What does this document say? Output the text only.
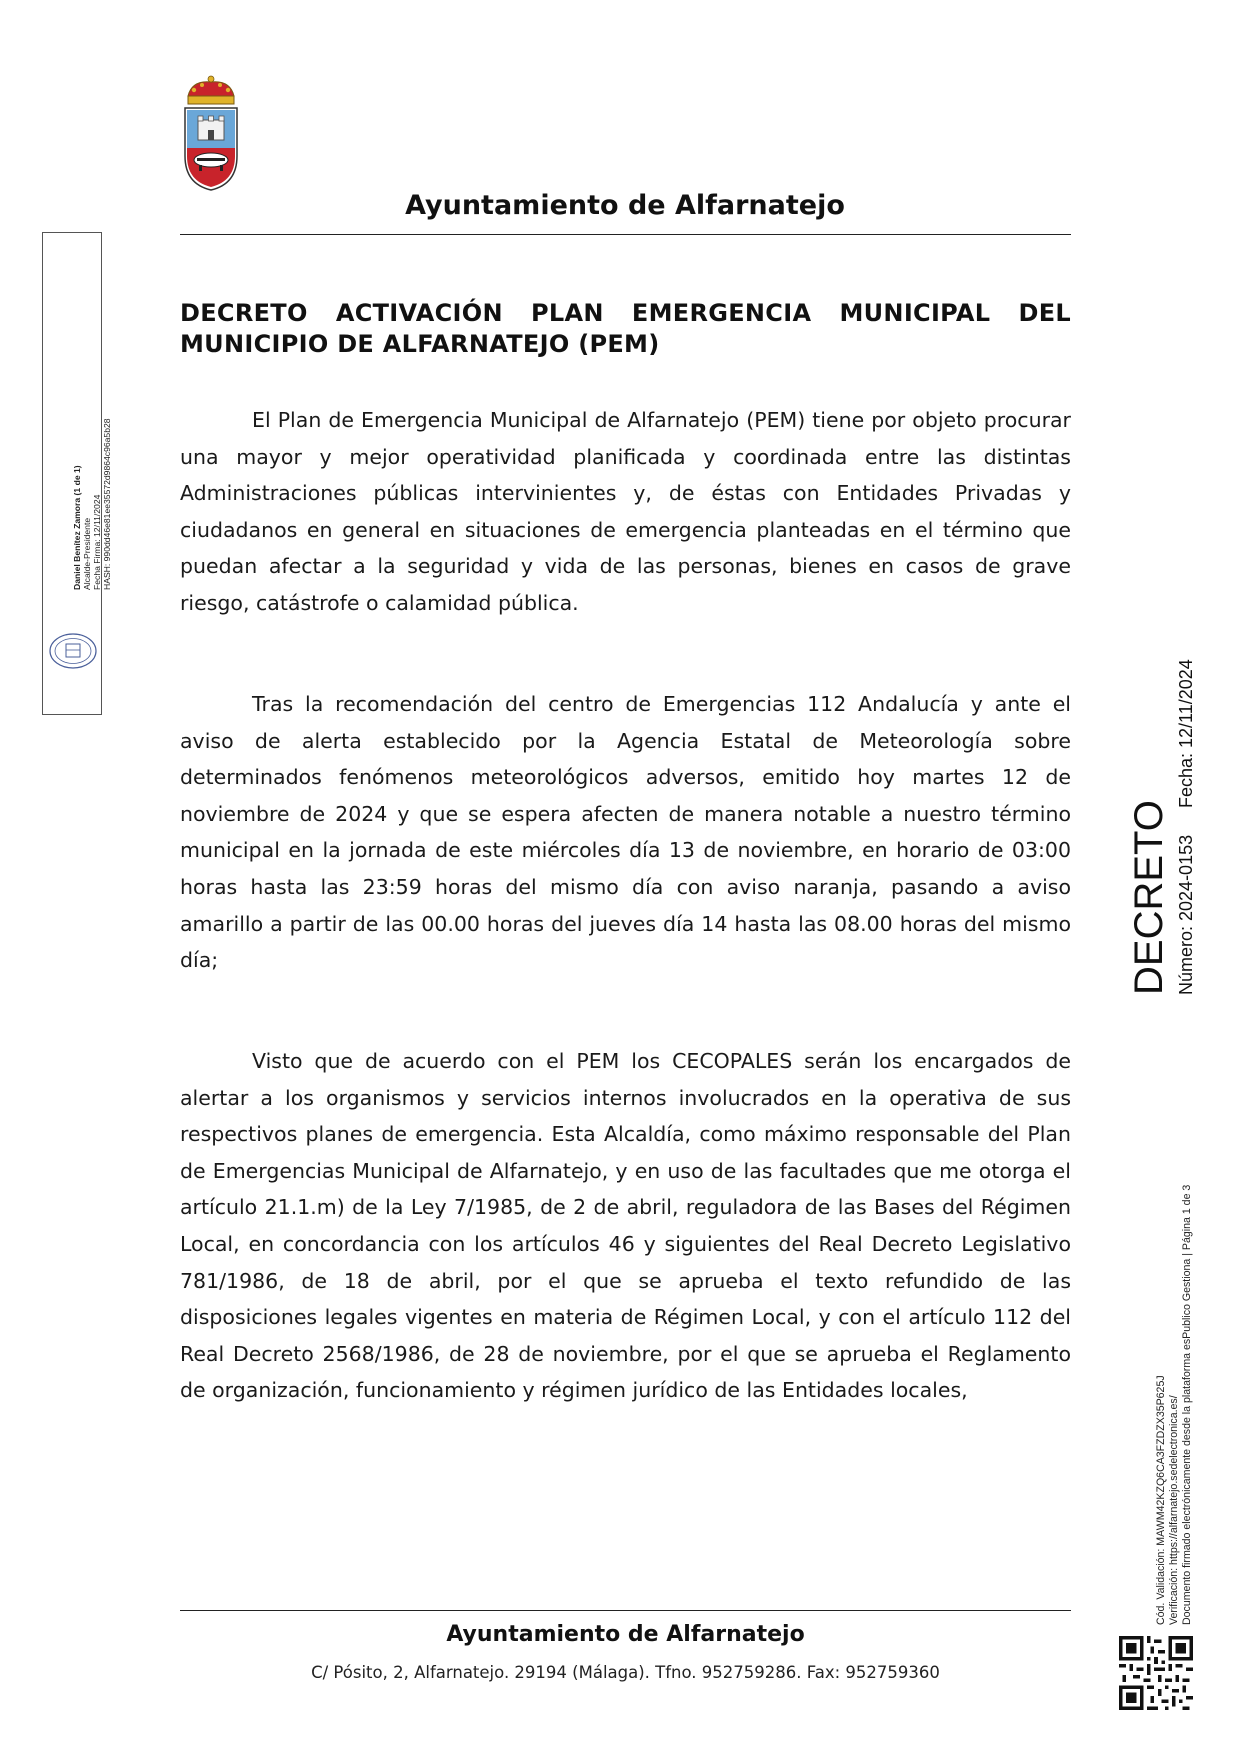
Ayuntamiento de Alfarnatejo
DECRETO ACTIVACIÓN PLAN EMERGENCIA MUNICIPAL DEL MUNICIPIO DE ALFARNATEJO (PEM)
El Plan de Emergencia Municipal de Alfarnatejo (PEM) tiene por objeto procurar una mayor y mejor operatividad planificada y coordinada entre las distintas Administraciones públicas intervinientes y, de éstas con Entidades Privadas y ciudadanos en general en situaciones de emergencia planteadas en el término que puedan afectar a la seguridad y vida de las personas, bienes en casos de grave riesgo, catástrofe o calamidad pública.
Tras la recomendación del centro de Emergencias 112 Andalucía y ante el aviso de alerta establecido por la Agencia Estatal de Meteorología sobre determinados fenómenos meteorológicos adversos, emitido hoy martes 12 de noviembre de 2024 y que se espera afecten de manera notable a nuestro término municipal en la jornada de este miércoles día 13 de noviembre, en horario de 03:00 horas hasta las 23:59 horas del mismo día con aviso naranja, pasando a aviso amarillo a partir de las 00.00 horas del jueves día 14 hasta las 08.00 horas del mismo día;
Visto que de acuerdo con el PEM los CECOPALES serán los encargados de alertar a los organismos y servicios internos involucrados en la operativa de sus respectivos planes de emergencia. Esta Alcaldía, como máximo responsable del Plan de Emergencias Municipal de Alfarnatejo, y en uso de las facultades que me otorga el artículo 21.1.m) de la Ley 7/1985, de 2 de abril, reguladora de las Bases del Régimen Local, en concordancia con los artículos 46 y siguientes del Real Decreto Legislativo 781/1986, de 18 de abril, por el que se aprueba el texto refundido de las disposiciones legales vigentes en materia de Régimen Local, y con el artículo 112 del Real Decreto 2568/1986, de 28 de noviembre, por el que se aprueba el Reglamento de organización, funcionamiento y régimen jurídico de las Entidades locales,
Ayuntamiento de Alfarnatejo
C/ Pósito, 2, Alfarnatejo. 29194 (Málaga). Tfno. 952759286. Fax: 952759360
Daniel Benítez Zamora (1 de 1) Alcalde-Presidente Fecha Firma: 12/11/2024 HASH: 990dd46e81ee35572d9864c96a5b28
DECRETO Número: 2024-0153
Fecha: 12/11/2024
Cód. Validación: MAWM42KZQ6CA3FZDZX35P625J Verificación: https://alfarnatejo.sedelectronica.es/ Documento firmado electrónicamente desde la plataforma esPublico Gestiona | Página 1 de 3
